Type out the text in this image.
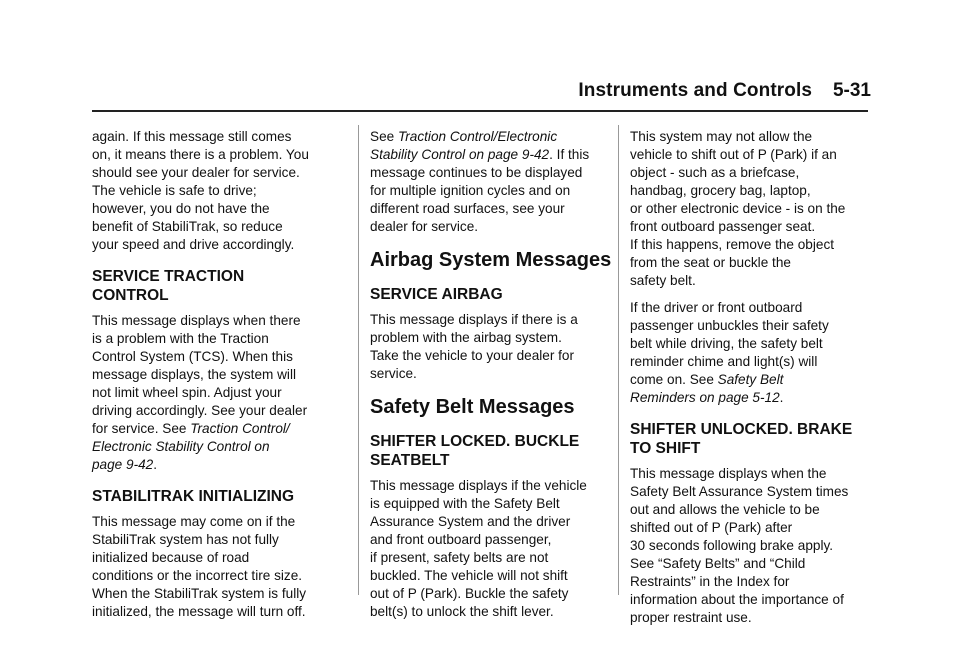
Instruments and Controls 5-31

again. If this message still comes
on, it means there is a problem. You
should see your dealer for service.
The vehicle is safe to drive;
however, you do not have the
benefit of StabiliTrak, so reduce
your speed and drive accordingly.

SERVICE TRACTION
CONTROL

This message displays when there
is a problem with the Traction
Control System (TCS). When this
message displays, the system will
not limit wheel spin. Adjust your
driving accordingly. See your dealer
for service. See Traction Control/
Electronic Stability Control on
page 9-42.

STABILITRAK INITIALIZING

This message may come on if the
StabiliTrak system has not fully
initialized because of road
conditions or the incorrect tire size.
When the StabiliTrak system is fully
initialized, the message will turn off.

See Traction Control/Electronic
Stability Control on page 9-42. If this
message continues to be displayed
for multiple ignition cycles and on
different road surfaces, see your
dealer for service.

Airbag System Messages
SERVICE AIRBAG

This message displays if there is a
problem with the airbag system.
Take the vehicle to your dealer for
service.

Safety Belt Messages
SHIFTER LOCKED. BUCKLE
SEATBELT

This message displays if the vehicle
is equipped with the Safety Belt
Assurance System and the driver
and front outboard passenger,
if present, safety belts are not
buckled. The vehicle will not shift
out of P (Park). Buckle the safety
belt(s) to unlock the shift lever.

This system may not allow the
vehicle to shift out of P (Park) if an
object - such as a briefcase,
handbag, grocery bag, laptop,
or other electronic device - is on the
front outboard passenger seat.
If this happens, remove the object
from the seat or buckle the
safety belt.

If the driver or front outboard
passenger unbuckles their safety
belt while driving, the safety belt
reminder chime and light(s) will
come on. See Safety Belt
Reminders on page 5-12.

SHIFTER UNLOCKED. BRAKE
TO SHIFT

This message displays when the
Safety Belt Assurance System times
out and allows the vehicle to be
shifted out of P (Park) after
30 seconds following brake apply.
See “Safety Belts” and “Child
Restraints” in the Index for
information about the importance of
proper restraint use.
